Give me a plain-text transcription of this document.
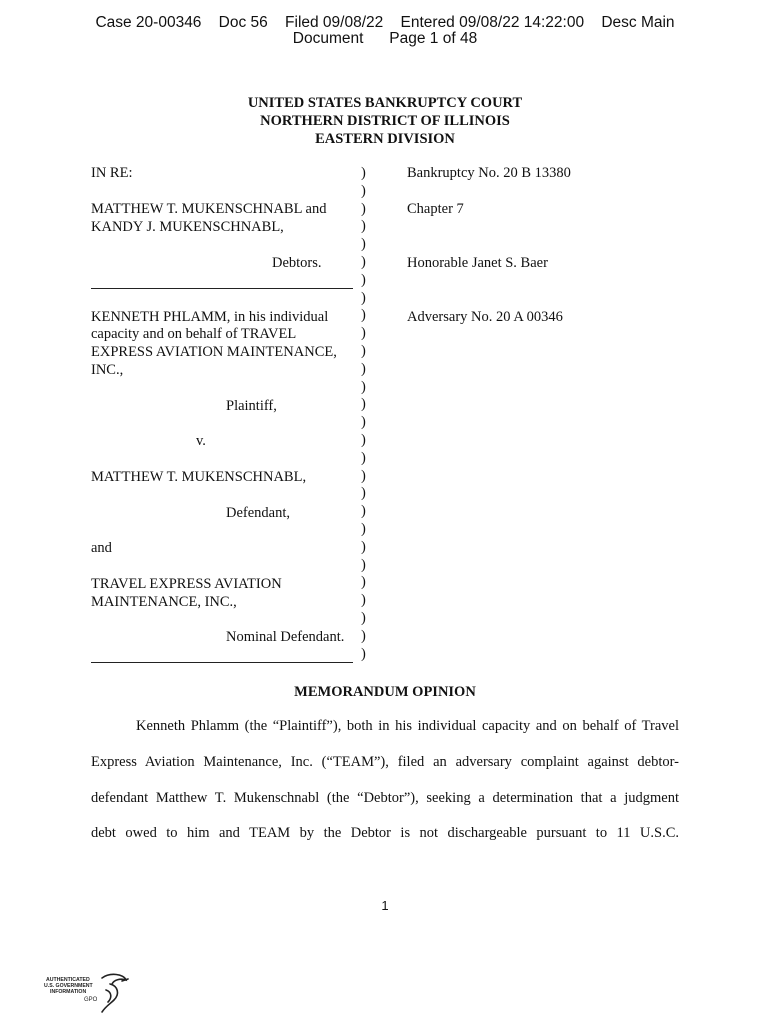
Case 20-00346 Doc 56 Filed 09/08/22 Entered 09/08/22 14:22:00 Desc Main
Document Page 1 of 48
UNITED STATES BANKRUPTCY COURT
NORTHERN DISTRICT OF ILLINOIS
EASTERN DIVISION
IN RE:
MATTHEW T. MUKENSCHNABL and
KANDY J. MUKENSCHNABL,
Debtors.
KENNETH PHLAMM, in his individual
capacity and on behalf of TRAVEL
EXPRESS AVIATION MAINTENANCE,
INC.,
Plaintiff,
v.
MATTHEW T. MUKENSCHNABL,
Defendant,
and
TRAVEL EXPRESS AVIATION
MAINTENANCE, INC.,
Nominal Defendant.
)
)
)
)
)
)
)
)
)
)
)
)
)
)
)
)
)
)
)
)
)
)
)
)
)
)
)
)
Bankruptcy No. 20 B 13380
Chapter 7
Honorable Janet S. Baer
Adversary No. 20 A 00346
MEMORANDUM OPINION
Kenneth Phlamm (the “Plaintiff”), both in his individual capacity and on behalf of Travel
Express Aviation Maintenance, Inc. (“TEAM”), filed an adversary complaint against debtor-
defendant Matthew T. Mukenschnabl (the “Debtor”), seeking a determination that a judgment
debt owed to him and TEAM by the Debtor is not dischargeable pursuant to 11 U.S.C.
1
AUTHENTICATED
U.S. GOVERNMENT
INFORMATION
GPO
